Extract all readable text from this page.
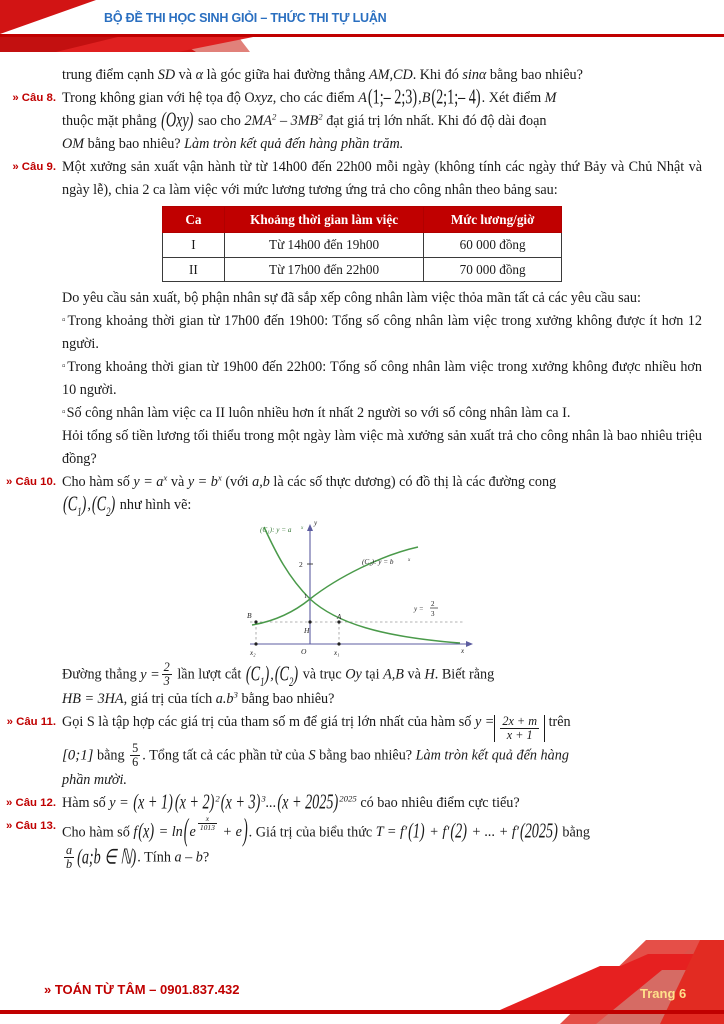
BỘ ĐỀ THI HỌC SINH GIỎI – THỨC THI TỰ LUẬN
trung điểm cạnh SD và α là góc giữa hai đường thẳng AM,CD. Khi đó sinα bằng bao nhiêu?
» Câu 8. Trong không gian với hệ tọa độ Oxyz, cho các điểm A(1;– 2;3),B(2;1;– 4). Xét điểm M
thuộc mặt phẳng (Oxy) sao cho $2MA^2 - 3MB^2$ đạt giá trị lớn nhất. Khi đó độ dài đoạn
OM bằng bao nhiêu? Làm tròn kết quả đến hàng phần trăm.
» Câu 9. Một xưởng sản xuất vận hành từ từ 14h00 đến 22h00 mỗi ngày (không tính các ngày thứ Bảy và Chủ Nhật và ngày lễ), chia 2 ca làm việc với mức lương tương ứng trả cho công nhân theo bảng sau:
Ca	Khoảng thời gian làm việc	Mức lương/giờ
I	Từ 14h00 đến 19h00	60 000 đồng
II	Từ 17h00 đến 22h00	70 000 đồng
Do yêu cầu sản xuất, bộ phận nhân sự đã sắp xếp công nhân làm việc thỏa mãn tất cả các yêu cầu sau:
▫Trong khoảng thời gian từ 17h00 đến 19h00: Tổng số công nhân làm việc trong xưởng không được ít hơn 12 người.
▫Trong khoảng thời gian từ 19h00 đến 22h00: Tổng số công nhân làm việc trong xưởng không được nhiều hơn 10 người.
▫Số công nhân làm việc ca II luôn nhiều hơn ít nhất 2 người so với số công nhân làm ca I.
Hỏi tổng số tiền lương tối thiểu trong một ngày làm việc mà xưởng sản xuất trả cho công nhân là bao nhiêu triệu đồng?
» Câu 10. Cho hàm số $y = a^x$ và $y = b^x$ (với a,b là các số thực dương) có đồ thị là các đường cong
$(C_1),(C_2)$ như hình vẽ:
(C₁): y = a x
(C₂): y = b	x
y
x
2
1
O
B	A
H
x₂	x₁
y =
2
3
Đường thẳng $y = \frac{2}{3}$ lần lượt cắt $(C_1),(C_2)$ và trục Oy tại A,B và H. Biết rằng
HB = 3HA, giá trị của tích $a.b^3$ bằng bao nhiêu?
» Câu 11. Gọi S là tập hợp các giá trị của tham số m để giá trị lớn nhất của hàm số $y = \frac{2x + m}{x + 1}$ trên
[0;1] bằng $\frac{5}{6}$ . Tổng tất cả các phần tử của S bằng bao nhiêu? Làm tròn kết quả đến hàng
phần mười.
» Câu 12. Hàm số y = (x + 1) $(x + 2)^2(x + 3)^3...(x + 2025)^{2025}$ có bao nhiêu điểm cực tiểu?
» Câu 13. Cho hàm số f(x) = ln(e
$^{\frac{x}{1013}}$
+ e). Giá trị của biểu thức T = f′(1) + f′(2) + ... + f′(2025) bằng

$\frac{a}{b}$ (a;b ∈ ℕ). Tính a – b?
» TOÁN TỪ TÂM – 0901.837.432	Trang 6
